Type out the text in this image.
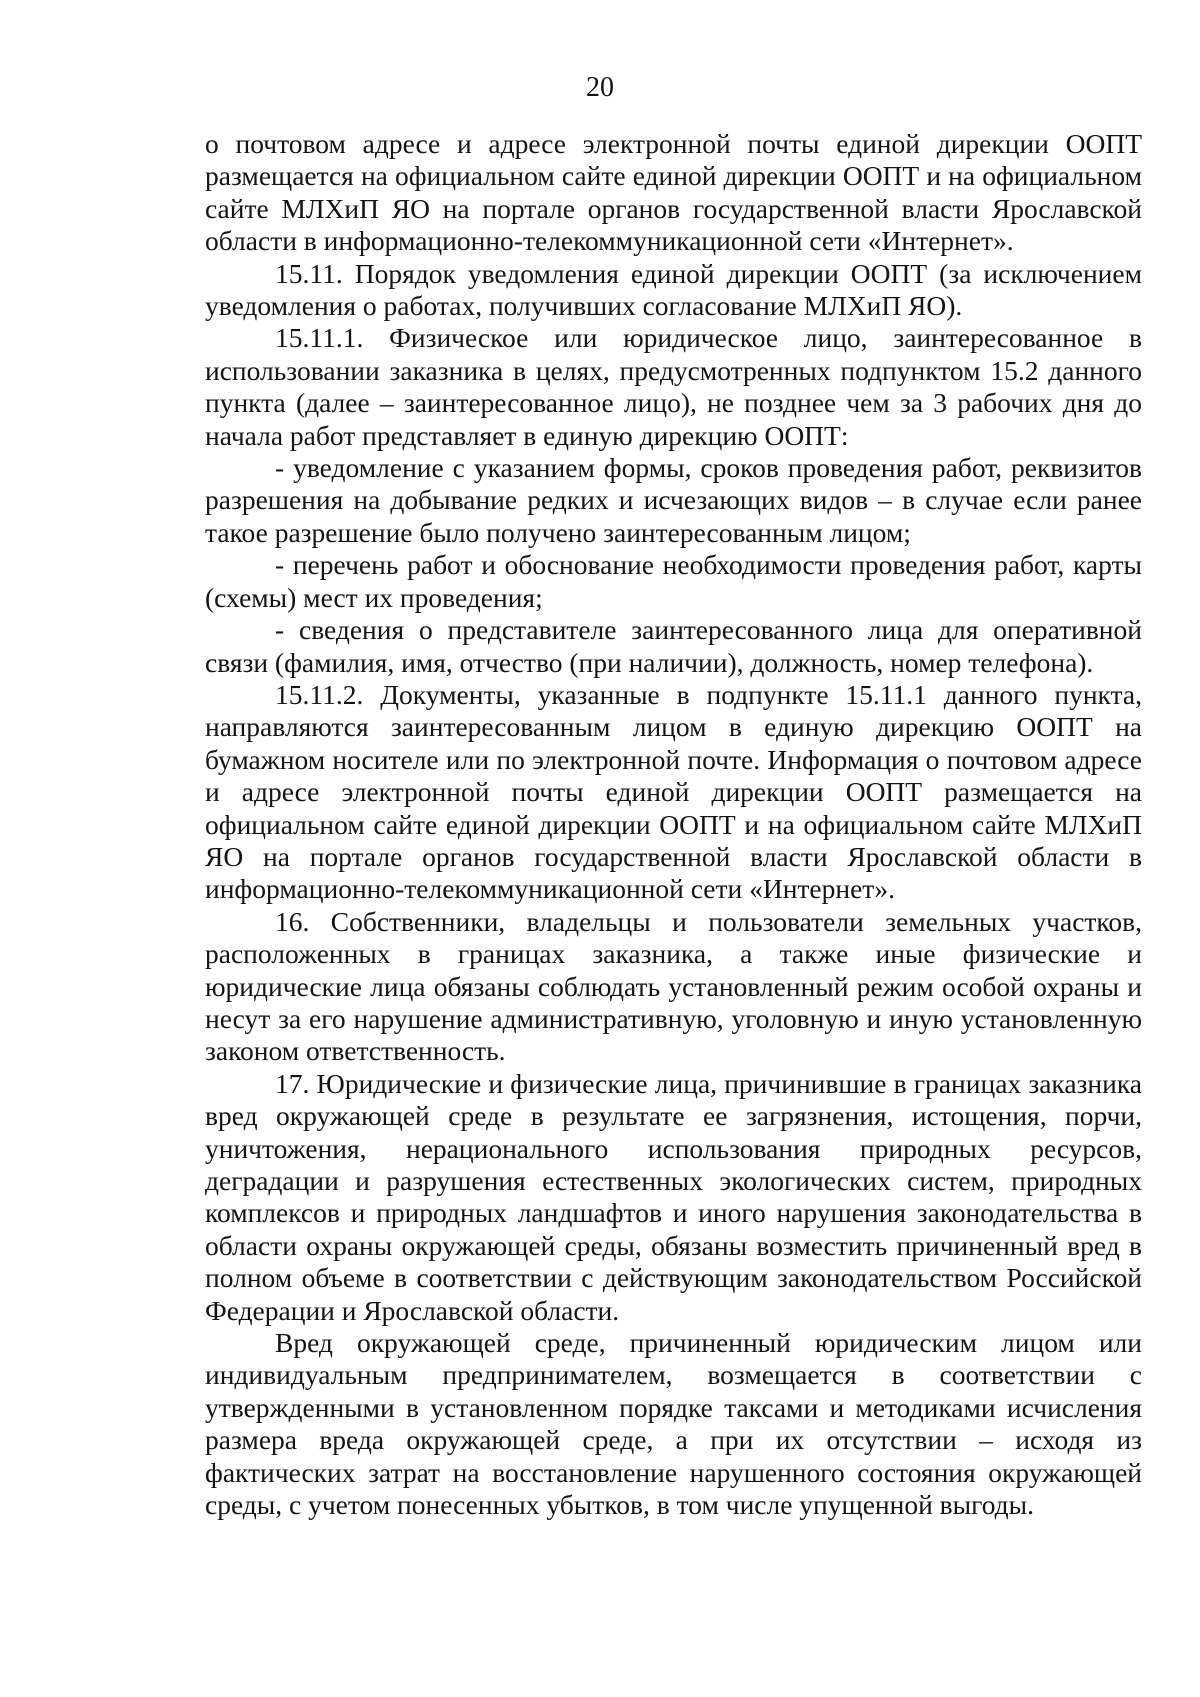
20

о почтовом адресе и адресе электронной почты единой дирекции ООПТ размещается на официальном сайте единой дирекции ООПТ и на официальном сайте МЛХиП ЯО на портале органов государственной власти Ярославской области в информационно-телекоммуникационной сети «Интернет».

15.11. Порядок уведомления единой дирекции ООПТ (за исключением уведомления о работах, получивших согласование МЛХиП ЯО).

15.11.1. Физическое или юридическое лицо, заинтересованное в использовании заказника в целях, предусмотренных подпунктом 15.2 данного пункта (далее – заинтересованное лицо), не позднее чем за 3 рабочих дня до начала работ представляет в единую дирекцию ООПТ:

- уведомление с указанием формы, сроков проведения работ, реквизитов разрешения на добывание редких и исчезающих видов – в случае если ранее такое разрешение было получено заинтересованным лицом;

- перечень работ и обоснование необходимости проведения работ, карты (схемы) мест их проведения;

- сведения о представителе заинтересованного лица для оперативной связи (фамилия, имя, отчество (при наличии), должность, номер телефона).

15.11.2. Документы, указанные в подпункте 15.11.1 данного пункта, направляются заинтересованным лицом в единую дирекцию ООПТ на бумажном носителе или по электронной почте. Информация о почтовом адресе и адресе электронной почты единой дирекции ООПТ размещается на официальном сайте единой дирекции ООПТ и на официальном сайте МЛХиП ЯО на портале органов государственной власти Ярославской области в информационно-телекоммуникационной сети «Интернет».

16. Собственники, владельцы и пользователи земельных участков, расположенных в границах заказника, а также иные физические и юридические лица обязаны соблюдать установленный режим особой охраны и несут за его нарушение административную, уголовную и иную установленную законом ответственность.

17. Юридические и физические лица, причинившие в границах заказника вред окружающей среде в результате ее загрязнения, истощения, порчи, уничтожения, нерационального использования природных ресурсов, деградации и разрушения естественных экологических систем, природных комплексов и природных ландшафтов и иного нарушения законодательства в области охраны окружающей среды, обязаны возместить причиненный вред в полном объеме в соответствии с действующим законодательством Российской Федерации и Ярославской области.

Вред окружающей среде, причиненный юридическим лицом или индивидуальным предпринимателем, возмещается в соответствии с утвержденными в установленном порядке таксами и методиками исчисления размера вреда окружающей среде, а при их отсутствии – исходя из фактических затрат на восстановление нарушенного состояния окружающей среды, с учетом понесенных убытков, в том числе упущенной выгоды.
